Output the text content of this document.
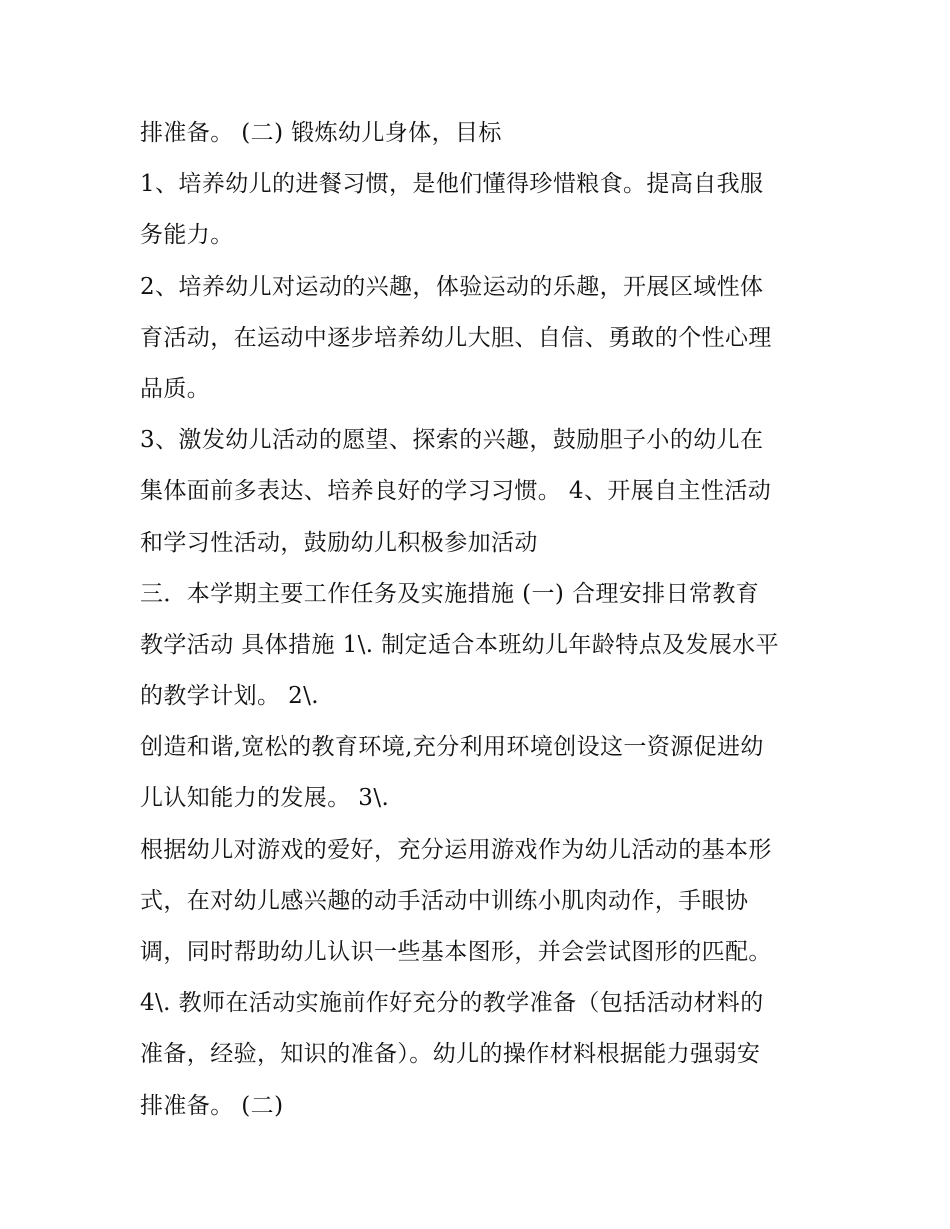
排准备。 (二) 锻炼幼儿身体，目标
1、培养幼儿的进餐习惯，是他们懂得珍惜粮食。提高自我服
务能力。
2、培养幼儿对运动的兴趣，体验运动的乐趣，开展区域性体
育活动，在运动中逐步培养幼儿大胆、自信、勇敢的个性心理
品质。
3、激发幼儿活动的愿望、探索的兴趣，鼓励胆子小的幼儿在
集体面前多表达、培养良好的学习习惯。 4、开展自主性活动
和学习性活动，鼓励幼儿积极参加活动
三．本学期主要工作任务及实施措施 (一) 合理安排日常教育
教学活动 具体措施 1\. 制定适合本班幼儿年龄特点及发展水平
的教学计划。 2\.
创造和谐,宽松的教育环境,充分利用环境创设这一资源促进幼
儿认知能力的发展。 3\.
根据幼儿对游戏的爱好，充分运用游戏作为幼儿活动的基本形
式，在对幼儿感兴趣的动手活动中训练小肌肉动作，手眼协
调，同时帮助幼儿认识一些基本图形，并会尝试图形的匹配。
4\. 教师在活动实施前作好充分的教学准备（包括活动材料的
准备，经验，知识的准备）。幼儿的操作材料根据能力强弱安
排准备。 (二)
